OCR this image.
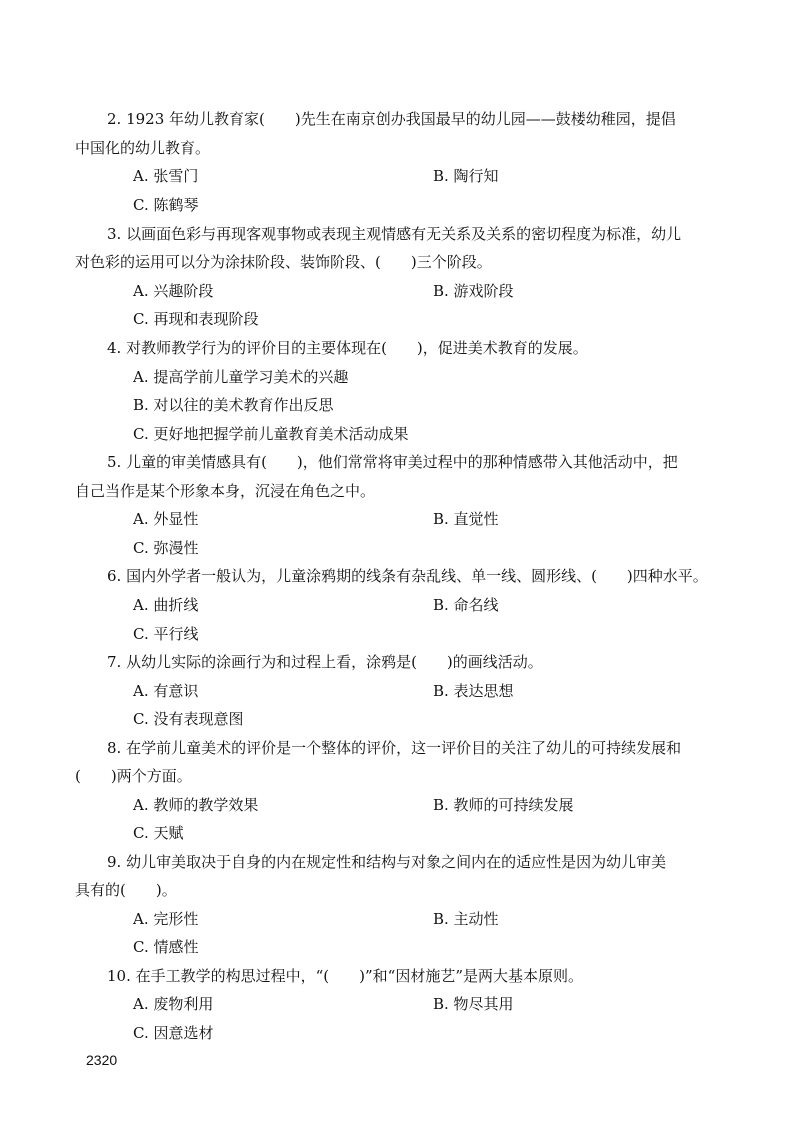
2. 1923 年幼儿教育家(　　)先生在南京创办我国最早的幼儿园——鼓楼幼稚园，提倡
中国化的幼儿教育。
A. 张雪门	B. 陶行知
C. 陈鹤琴
3. 以画面色彩与再现客观事物或表现主观情感有无关系及关系的密切程度为标准，幼儿
对色彩的运用可以分为涂抹阶段、装饰阶段、(　　)三个阶段。
A. 兴趣阶段	B. 游戏阶段
C. 再现和表现阶段
4. 对教师教学行为的评价目的主要体现在(　　)，促进美术教育的发展。
A. 提高学前儿童学习美术的兴趣
B. 对以往的美术教育作出反思
C. 更好地把握学前儿童教育美术活动成果
5. 儿童的审美情感具有(　　)，他们常常将审美过程中的那种情感带入其他活动中，把
自己当作是某个形象本身，沉浸在角色之中。
A. 外显性	B. 直觉性
C. 弥漫性
6. 国内外学者一般认为，儿童涂鸦期的线条有杂乱线、单一线、圆形线、(　　)四种水平。
A. 曲折线	B. 命名线
C. 平行线
7. 从幼儿实际的涂画行为和过程上看，涂鸦是(　　)的画线活动。
A. 有意识	B. 表达思想
C. 没有表现意图
8. 在学前儿童美术的评价是一个整体的评价，这一评价目的关注了幼儿的可持续发展和
(　　)两个方面。
A. 教师的教学效果	B. 教师的可持续发展
C. 天赋
9. 幼儿审美取决于自身的内在规定性和结构与对象之间内在的适应性是因为幼儿审美
具有的(　　)。
A. 完形性	B. 主动性
C. 情感性
10. 在手工教学的构思过程中，“(　　)”和“因材施艺”是两大基本原则。
A. 废物利用	B. 物尽其用
C. 因意选材
2320
